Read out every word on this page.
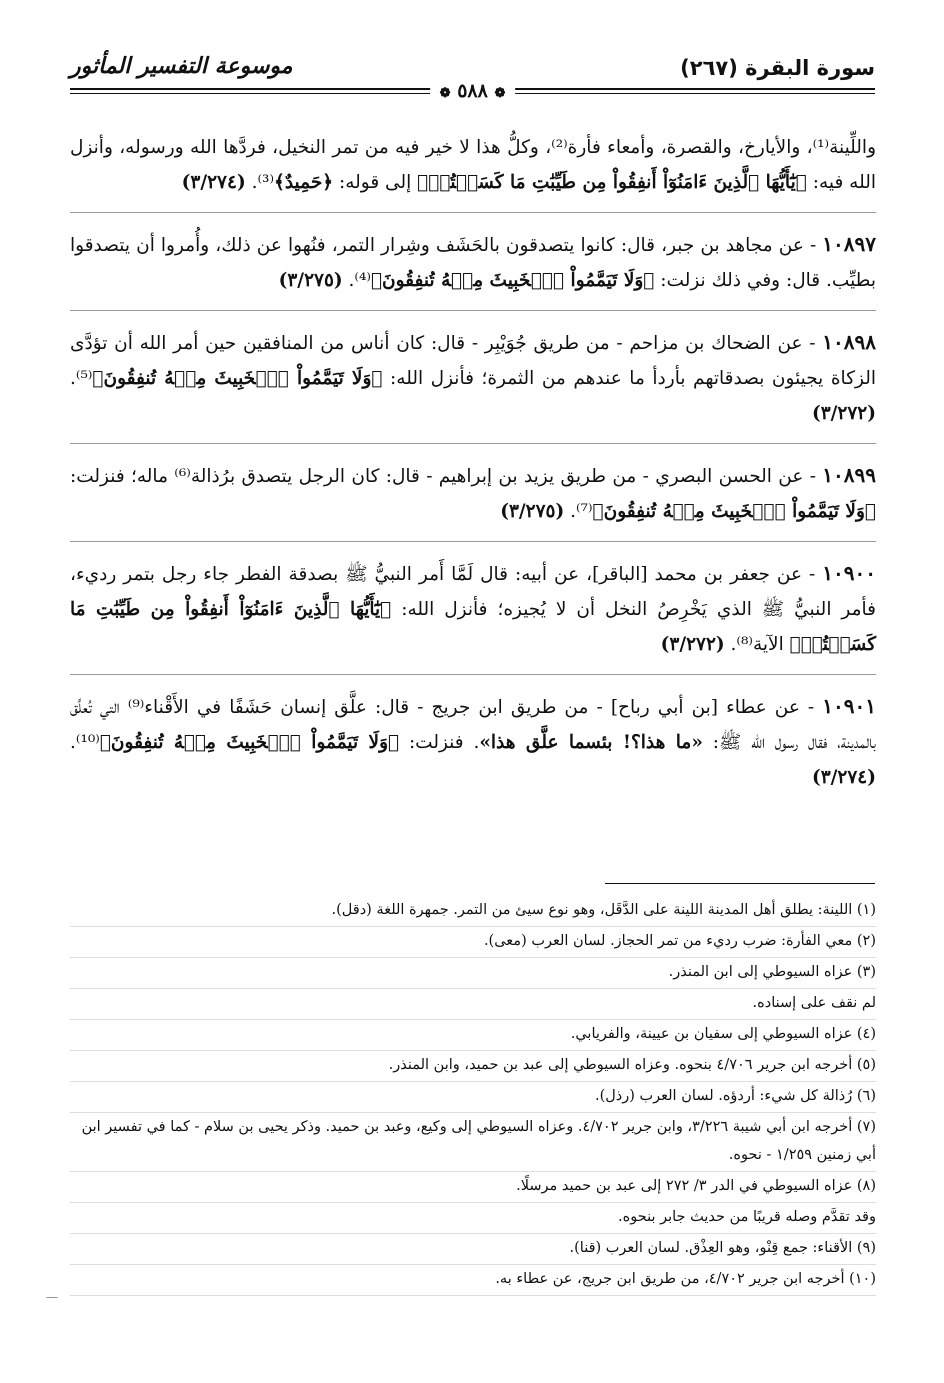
سورة البقرة (٢٦٧)
موسوعة التفسير المأثور
❁ ٥٨٨ ❁

واللِّينة⁽¹⁾، والأيارخ، والقصرة، وأمعاء فأرة⁽²⁾، وكلُّ هذا لا خير فيه من تمر النخيل، فردَّها الله ورسوله، وأنزل الله فيه: ﴿يَٰٓأَيُّهَا ٱلَّذِينَ ءَامَنُوٓاْ أَنفِقُواْ مِن طَيِّبَٰتِ مَا كَسَبۡتُمۡ﴾ إلى قوله: ﴿حَمِيدٌ﴾⁽³⁾. (٣/٢٧٤)

١٠٨٩٧ - عن مجاهد بن جبر، قال: كانوا يتصدقون بالحَشَف وشِرار التمر، فنُهوا عن ذلك، وأُمروا أن يتصدقوا بطيِّب. قال: وفي ذلك نزلت: ﴿وَلَا تَيَمَّمُواْ ٱلۡخَبِيثَ مِنۡهُ تُنفِقُونَ﴾⁽⁴⁾. (٣/٢٧٥)

١٠٨٩٨ - عن الضحاك بن مزاحم - من طريق جُوَيْبِر - قال: كان أناس من المنافقين حين أمر الله أن تؤدَّى الزكاة يجيئون بصدقاتهم بأردأ ما عندهم من الثمرة؛ فأنزل الله: ﴿وَلَا تَيَمَّمُواْ ٱلۡخَبِيثَ مِنۡهُ تُنفِقُونَ﴾⁽⁵⁾. (٣/٢٧٢)

١٠٨٩٩ - عن الحسن البصري - من طريق يزيد بن إبراهيم - قال: كان الرجل يتصدق برُذالة⁽⁶⁾ ماله؛ فنزلت: ﴿وَلَا تَيَمَّمُواْ ٱلۡخَبِيثَ مِنۡهُ تُنفِقُونَ﴾⁽⁷⁾. (٣/٢٧٥)

١٠٩٠٠ - عن جعفر بن محمد [الباقر]، عن أبيه: قال لَمَّا أَمر النبيُّ ﷺ بصدقة الفطر جاء رجل بتمر رديء، فأمر النبيُّ ﷺ الذي يَخْرِصُ النخل أن لا يُجيزه؛ فأنزل الله: ﴿يَٰٓأَيُّهَا ٱلَّذِينَ ءَامَنُوٓاْ أَنفِقُواْ مِن طَيِّبَٰتِ مَا كَسَبۡتُمۡ﴾ الآية⁽⁸⁾. (٣/٢٧٢)

١٠٩٠١ - عن عطاء [بن أبي رباح] - من طريق ابن جريج - قال: علَّق إنسان حَشَفًا في الأَقْناء⁽⁹⁾ التي تُعلَّق بالمدينة، فقال رسول الله ﷺ: «ما هذا؟! بئسما علَّق هذا». فنزلت: ﴿وَلَا تَيَمَّمُواْ ٱلۡخَبِيثَ مِنۡهُ تُنفِقُونَ﴾⁽¹⁰⁾. (٣/٢٧٤)

(١) اللينة: يطلق أهل المدينة اللينة على الدَّقَل، وهو نوع سيئ من التمر. جمهرة اللغة (دقل).

(٢) معي الفأرة: ضرب رديء من تمر الحجاز. لسان العرب (معى).

(٣) عزاه السيوطي إلى ابن المنذر.

لم نقف على إسناده.

(٤) عزاه السيوطي إلى سفيان بن عيينة، والفريابي.

(٥) أخرجه ابن جرير ٤/٧٠٦ بنحوه. وعزاه السيوطي إلى عبد بن حميد، وابن المنذر.

(٦) رُذالة كل شيء: أردؤه. لسان العرب (رذل).

(٧) أخرجه ابن أبي شيبة ٣/٢٢٦، وابن جرير ٤/٧٠٢. وعزاه السيوطي إلى وكيع، وعبد بن حميد. وذكر يحيى بن سلام - كما في تفسير ابن أبي زمنين ١/٢٥٩ - نحوه.

(٨) عزاه السيوطي في الدر ٣/ ٢٧٢ إلى عبد بن حميد مرسلًا.

وقد تقدَّم وصله قريبًا من حديث جابر بنحوه.

(٩) الأقناء: جمع قِنْو، وهو العِذْق. لسان العرب (قنا).

(١٠) أخرجه ابن جرير ٤/٧٠٢، من طريق ابن جريج، عن عطاء به.

—
